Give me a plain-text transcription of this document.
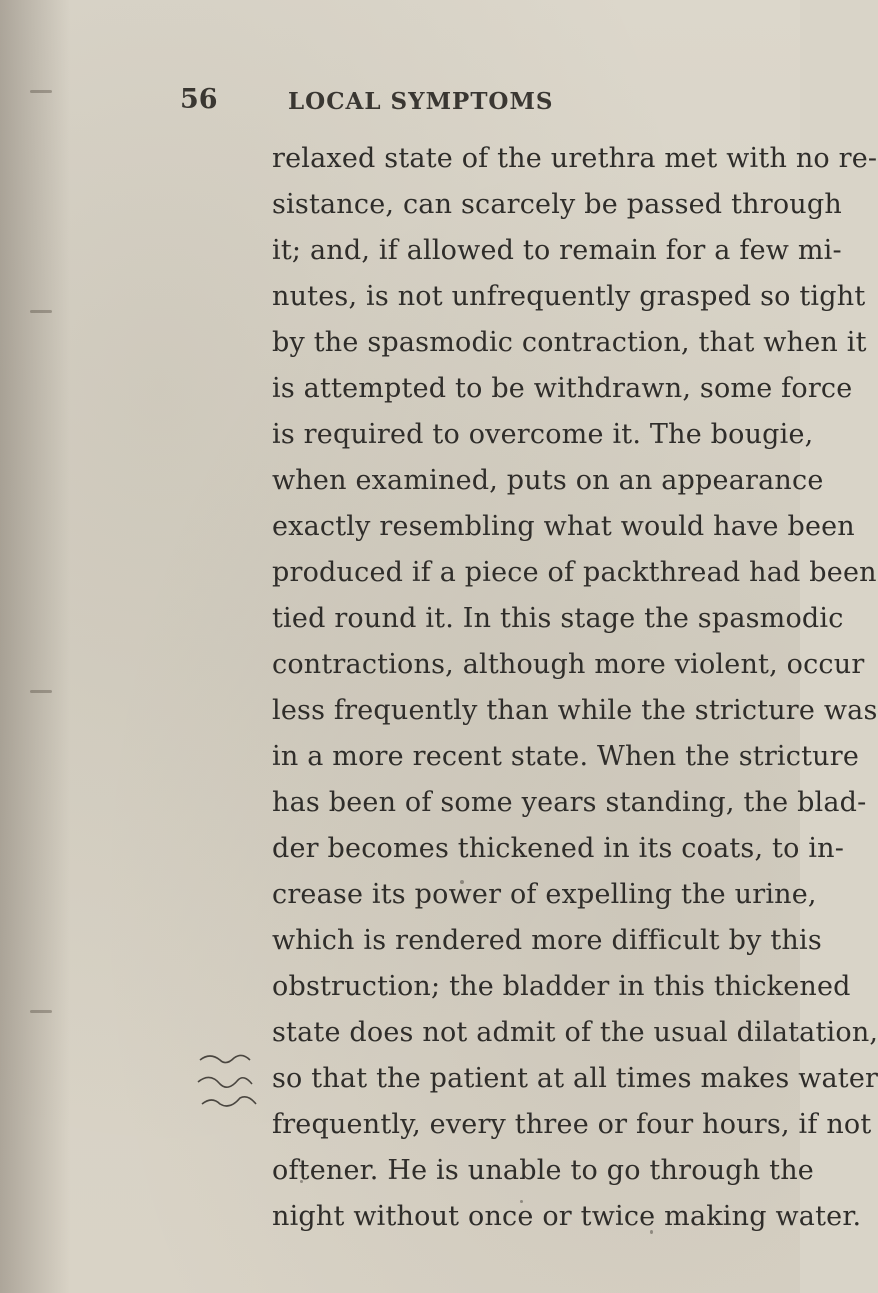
56	LOCAL SYMPTOMS
relaxed state of the urethra met with no re-
sistance, can scarcely be passed through
it; and, if allowed to remain for a few mi-
nutes, is not unfrequently grasped so tight
by the spasmodic contraction, that when it
is attempted to be withdrawn, some force
is required to overcome it. The bougie,
when examined, puts on an appearance
exactly resembling what would have been
produced if a piece of packthread had been
tied round it. In this stage the spasmodic
contractions, although more violent, occur
less frequently than while the stricture was
in a more recent state. When the stricture
has been of some years standing, the blad-
der becomes thickened in its coats, to in-
crease its power of expelling the urine,
which is rendered more difficult by this
obstruction; the bladder in this thickened
state does not admit of the usual dilatation,
so that the patient at all times makes water
frequently, every three or four hours, if not
oftener. He is unable to go through the
night without once or twice making water.
